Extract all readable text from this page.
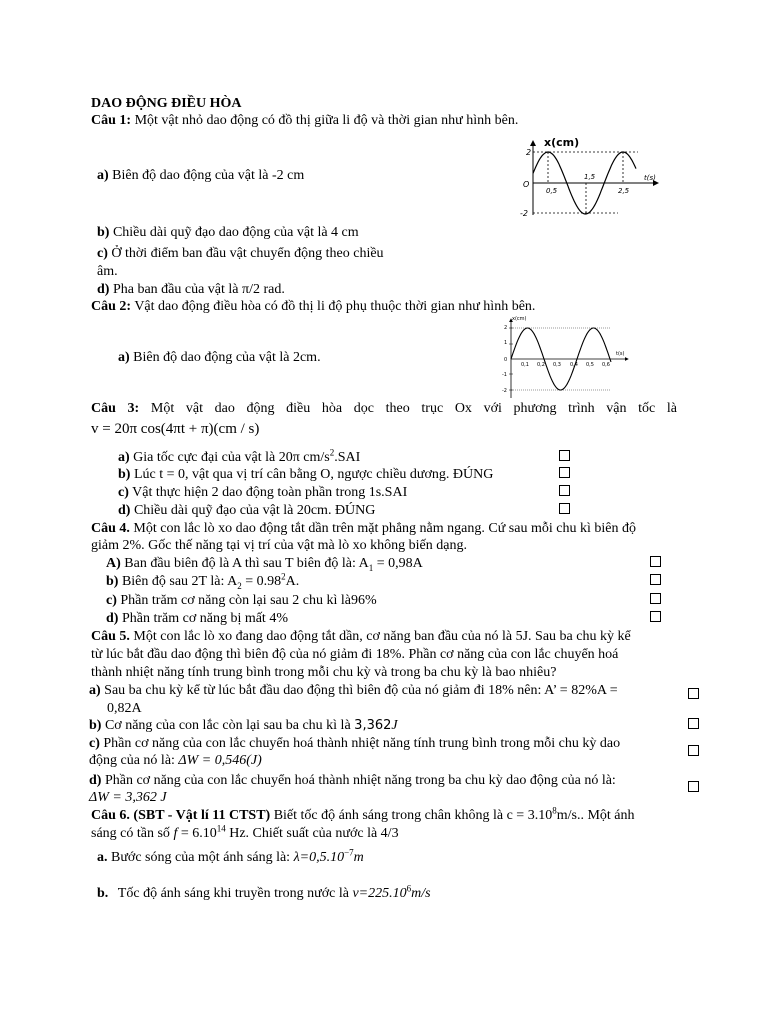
DAO ĐỘNG ĐIỀU HÒA
Câu 1: Một vật nhỏ dao động có đồ thị giữa li độ và thời gian như hình bên.
a) Biên độ dao động của vật là -2 cm
x(cm)
t(s)
2
-2
O
0,5
1,5
2,5
b) Chiều dài quỹ đạo dao động của vật là 4 cm
c) Ở thời điểm ban đầu vật chuyển động theo chiều
âm.
d) Pha ban đầu của vật là π/2 rad.
Câu 2: Vật dao động điều hòa có đồ thị li độ phụ thuộc thời gian như hình bên.
a) Biên độ dao động của vật là 2cm.
x(cm)
t(s)
2
1
0
-1
-2
0,1 0,2 0,3 0,4 0,5 0,6
Câu 3: Một vật dao động điều hòa dọc theo trục Ox với phương trình vận tốc là
v = 20π cos(4πt + π)(cm / s)
a) Gia tốc cực đại của vật là 20π $cm/s^2.SAI$
b) Lúc t = 0, vật qua vị trí cân bằng O, ngược chiều dương. ĐÚNG
c) Vật thực hiện 2 dao động toàn phần trong 1s.SAI
d) Chiều dài quỹ đạo của vật là 20cm. ĐÚNG
Câu 4. Một con lắc lò xo dao động tắt dần trên mặt phẳng nằm ngang. Cứ sau mỗi chu kì biên độ
giảm 2%. Gốc thế năng tại vị trí của vật mà lò xo không biến dạng.
A) Ban đầu biên độ là A thì sau T biên độ là: $A_1 = 0,98A$
b) Biên độ sau 2T là: $A_2 = 0.98^2A$.
c) Phần trăm cơ năng còn lại sau 2 chu kì là96%
d) Phần trăm cơ năng bị mất 4%
Câu 5. Một con lắc lò xo đang dao động tắt dần, cơ năng ban đầu của nó là 5J. Sau ba chu kỳ kể
từ lúc bắt đầu dao động thì biên độ của nó giảm đi 18%. Phần cơ năng của con lắc chuyển hoá
thành nhiệt năng tính trung bình trong mỗi chu kỳ và trong ba chu kỳ là bao nhiêu?
a) Sau ba chu kỳ kể từ lúc bắt đầu dao động thì biên độ của nó giảm đi 18% nên: A’ = 82%A =
0,82A
b) Cơ năng của con lắc còn lại sau ba chu kì là 3,362J
c) Phần cơ năng của con lắc chuyển hoá thành nhiệt năng tính trung bình trong mỗi chu kỳ dao
động của nó là: ΔW = 0,546(J)
d) Phần cơ năng của con lắc chuyển hoá thành nhiệt năng trong ba chu kỳ dao động của nó là:
ΔW = 3,362 J
Câu 6. (SBT - Vật lí 11 CTST) Biết tốc độ ánh sáng trong chân không là $c = 3.10^8m/s$.. Một ánh
sáng có tần số $f = 6.10^{14}$ Hz. Chiết suất của nước là 4/3
a. Bước sóng của một ánh sáng là: $\lambda=0,5.10^{-7}m$
b. Tốc độ ánh sáng khi truyền trong nước là $v=225.10^6m/s$
